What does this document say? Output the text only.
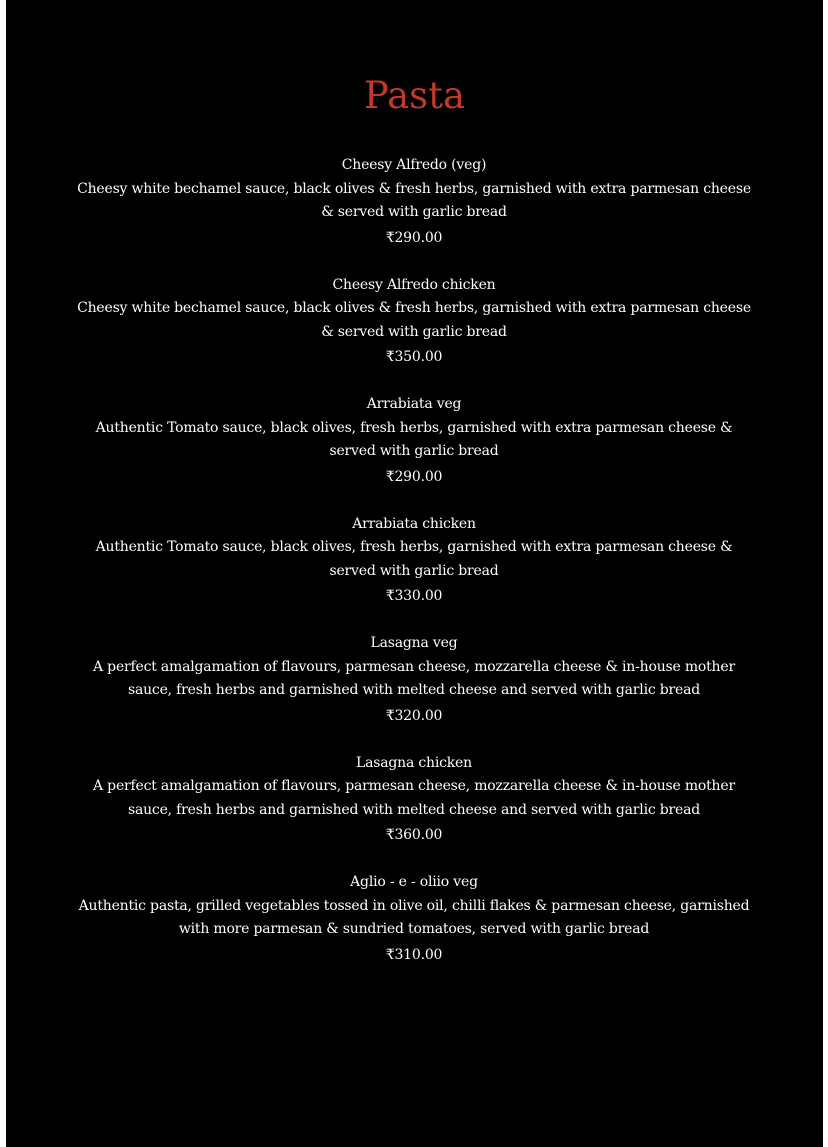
Pasta

Cheesy Alfredo (veg)

Cheesy white bechamel sauce, black olives & fresh herbs, garnished with extra parmesan cheese & served with garlic bread

₹290.00

Cheesy Alfredo chicken

Cheesy white bechamel sauce, black olives & fresh herbs, garnished with extra parmesan cheese & served with garlic bread

₹350.00

Arrabiata veg

Authentic Tomato sauce, black olives, fresh herbs, garnished with extra parmesan cheese & served with garlic bread

₹290.00

Arrabiata chicken

Authentic Tomato sauce, black olives, fresh herbs, garnished with extra parmesan cheese & served with garlic bread

₹330.00

Lasagna veg

A perfect amalgamation of flavours, parmesan cheese, mozzarella cheese & in-house mother sauce, fresh herbs and garnished with melted cheese and served with garlic bread

₹320.00

Lasagna chicken

A perfect amalgamation of flavours, parmesan cheese, mozzarella cheese & in-house mother sauce, fresh herbs and garnished with melted cheese and served with garlic bread

₹360.00

Aglio - e - oliio veg

Authentic pasta, grilled vegetables tossed in olive oil, chilli flakes & parmesan cheese, garnished with more parmesan & sundried tomatoes, served with garlic bread

₹310.00
